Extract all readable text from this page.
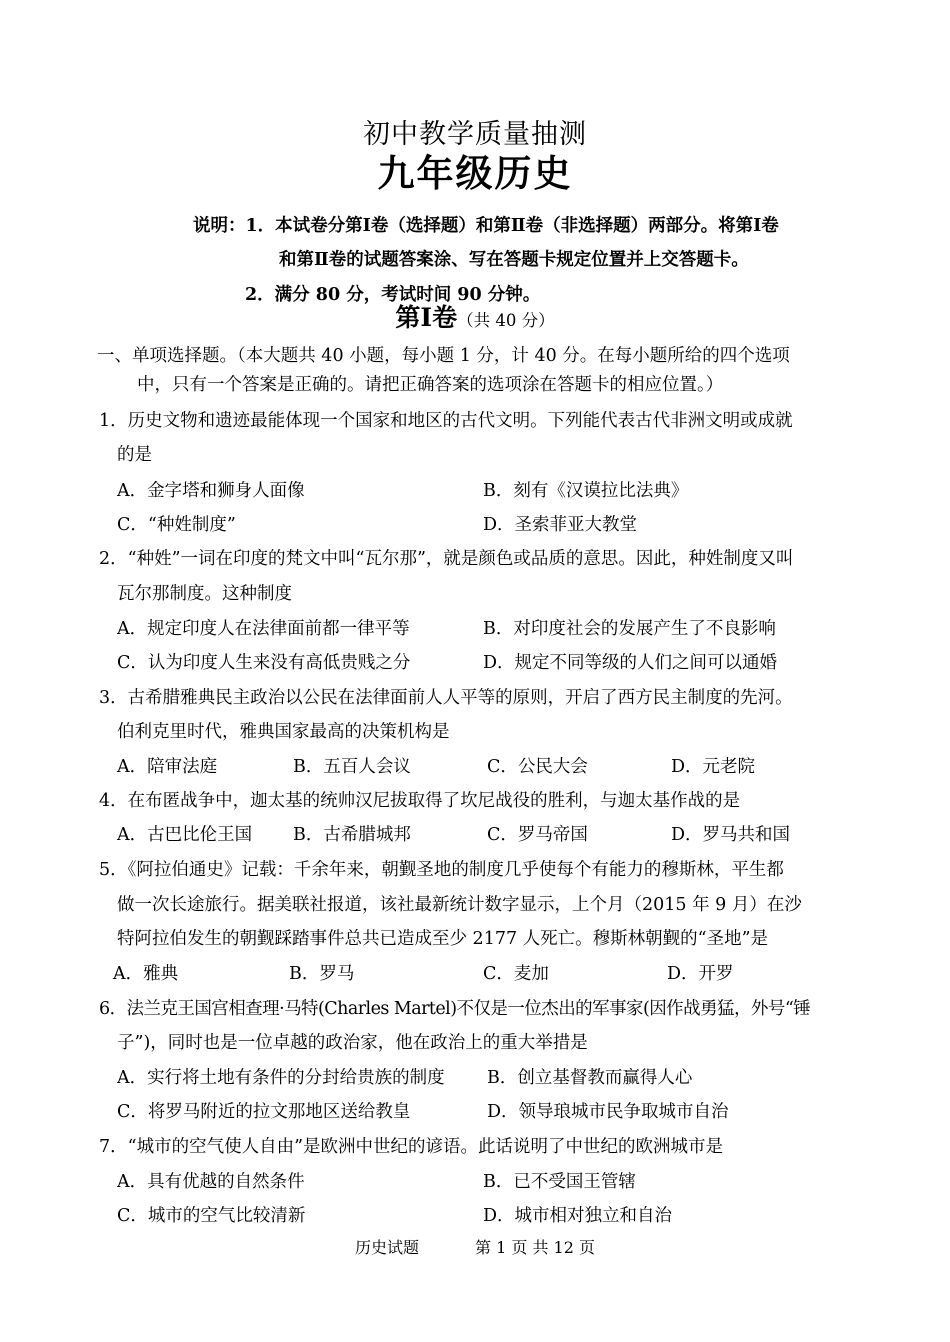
初中教学质量抽测
九年级历史
说明：1．本试卷分第Ⅰ卷（选择题）和第Ⅱ卷（非选择题）两部分。将第Ⅰ卷
和第Ⅱ卷的试题答案涂、写在答题卡规定位置并上交答题卡。
2．满分 80 分，考试时间 90 分钟。
第Ⅰ卷（共 40 分）
一、单项选择题。（本大题共 40 小题，每小题 1 分，计 40 分。在每小题所给的四个选项
中，只有一个答案是正确的。请把正确答案的选项涂在答题卡的相应位置。）
1．历史文物和遗迹最能体现一个国家和地区的古代文明。下列能代表古代非洲文明或成就
的是
A．金字塔和狮身人面像	B．刻有《汉谟拉比法典》
C．“种姓制度”	D．圣索菲亚大教堂
2．“种姓”一词在印度的梵文中叫“瓦尔那”，就是颜色或品质的意思。因此，种姓制度又叫
瓦尔那制度。这种制度
A．规定印度人在法律面前都一律平等	B．对印度社会的发展产生了不良影响
C．认为印度人生来没有高低贵贱之分	D．规定不同等级的人们之间可以通婚
3．古希腊雅典民主政治以公民在法律面前人人平等的原则，开启了西方民主制度的先河。
伯利克里时代，雅典国家最高的决策机构是
A．陪审法庭	B．五百人会议	C．公民大会	D．元老院
4．在布匿战争中，迦太基的统帅汉尼拔取得了坎尼战役的胜利，与迦太基作战的是
A．古巴比伦王国 B．古希腊城邦	C．罗马帝国	D．罗马共和国
5．《阿拉伯通史》记载：千余年来，朝觐圣地的制度几乎使每个有能力的穆斯林，平生都
做一次长途旅行。据美联社报道，该社最新统计数字显示，上个月（2015 年 9 月）在沙
特阿拉伯发生的朝觐踩踏事件总共已造成至少 2177 人死亡。穆斯林朝觐的“圣地”是
A．雅典	B．罗马	C．麦加	D．开罗
6．法兰克王国宫相查理·马特(Charles Martel)不仅是一位杰出的军事家(因作战勇猛，外号“锤
子”)，同时也是一位卓越的政治家，他在政治上的重大举措是
A．实行将土地有条件的分封给贵族的制度 B．创立基督教而赢得人心
C．将罗马附近的拉文那地区送给教皇	D．领导琅城市民争取城市自治
7．“城市的空气使人自由”是欧洲中世纪的谚语。此话说明了中世纪的欧洲城市是
A．具有优越的自然条件	B．已不受国王管辖
C．城市的空气比较清新	D．城市相对独立和自治
历史试题	第 1 页 共 12 页
